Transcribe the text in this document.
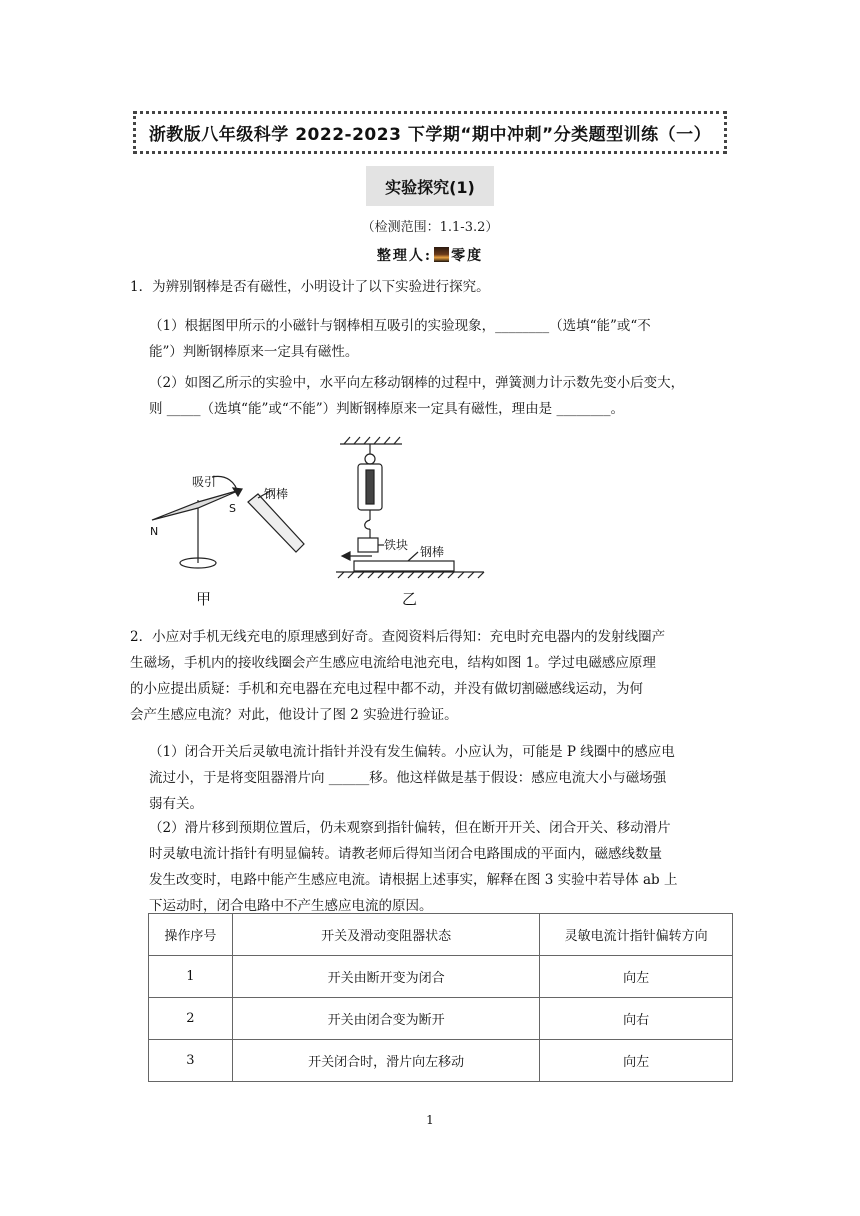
浙教版八年级科学 2022-2023 下学期“期中冲刺”分类题型训练（一）
实验探究(1)
（检测范围：1.1-3.2）
整理人: 零度
1．为辨别钢棒是否有磁性，小明设计了以下实验进行探究。
（1）根据图甲所示的小磁针与钢棒相互吸引的实验现象，________（选填“能”或“不
能”）判断钢棒原来一定具有磁性。
（2）如图乙所示的实验中，水平向左移动钢棒的过程中，弹簧测力计示数先变小后变大，
则 _____（选填“能”或“不能”）判断钢棒原来一定具有磁性，理由是 ________。
吸引
N
S
钢棒
甲
铁块 钢棒
乙
2．小应对手机无线充电的原理感到好奇。查阅资料后得知：充电时充电器内的发射线圈产
生磁场，手机内的接收线圈会产生感应电流给电池充电，结构如图 1。学过电磁感应原理
的小应提出质疑：手机和充电器在充电过程中都不动，并没有做切割磁感线运动，为何
会产生感应电流？对此，他设计了图 2 实验进行验证。
（1）闭合开关后灵敏电流计指针并没有发生偏转。小应认为，可能是 P 线圈中的感应电
流过小，于是将变阻器滑片向 ______移。他这样做是基于假设：感应电流大小与磁场强
弱有关。
（2）滑片移到预期位置后，仍未观察到指针偏转，但在断开开关、闭合开关、移动滑片
时灵敏电流计指针有明显偏转。请教老师后得知当闭合电路围成的平面内，磁感线数量
发生改变时，电路中能产生感应电流。请根据上述事实，解释在图 3 实验中若导体 ab 上
下运动时，闭合电路中不产生感应电流的原因。
操作序号	开关及滑动变阻器状态	灵敏电流计指针偏转方向
1	开关由断开变为闭合	向左
2	开关由闭合变为断开	向右
3	开关闭合时，滑片向左移动	向左
1
